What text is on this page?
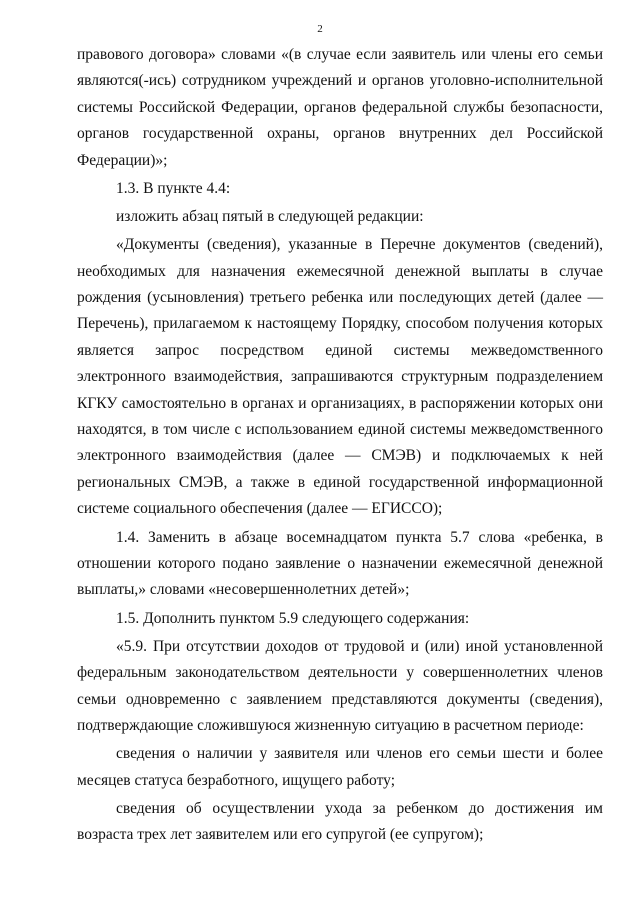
2

правового договора» словами «(в случае если заявитель или члены его семьи являются(-ись) сотрудником учреждений и органов уголовно-исполнительной системы Российской Федерации, органов федеральной службы безопасности, органов государственной охраны, органов внутренних дел Российской Федерации)»;

1.3. В пункте 4.4:

изложить абзац пятый в следующей редакции:

«Документы (сведения), указанные в Перечне документов (сведений), необходимых для назначения ежемесячной денежной выплаты в случае рождения (усыновления) третьего ребенка или последующих детей (далее — Перечень), прилагаемом к настоящему Порядку, способом получения которых является запрос посредством единой системы межведомственного электронного взаимодействия, запрашиваются структурным подразделением КГКУ самостоятельно в органах и организациях, в распоряжении которых они находятся, в том числе с использованием единой системы межведомственного электронного взаимодействия (далее — СМЭВ) и подключаемых к ней региональных СМЭВ, а также в единой государственной информационной системе социального обеспечения (далее — ЕГИССО);

1.4. Заменить в абзаце восемнадцатом пункта 5.7 слова «ребенка, в отношении которого подано заявление о назначении ежемесячной денежной выплаты,» словами «несовершеннолетних детей»;

1.5. Дополнить пунктом 5.9 следующего содержания:

«5.9. При отсутствии доходов от трудовой и (или) иной установленной федеральным законодательством деятельности у совершеннолетних членов семьи одновременно с заявлением представляются документы (сведения), подтверждающие сложившуюся жизненную ситуацию в расчетном периоде:

сведения о наличии у заявителя или членов его семьи шести и более месяцев статуса безработного, ищущего работу;

сведения об осуществлении ухода за ребенком до достижения им возраста трех лет заявителем или его супругой (ее супругом);
